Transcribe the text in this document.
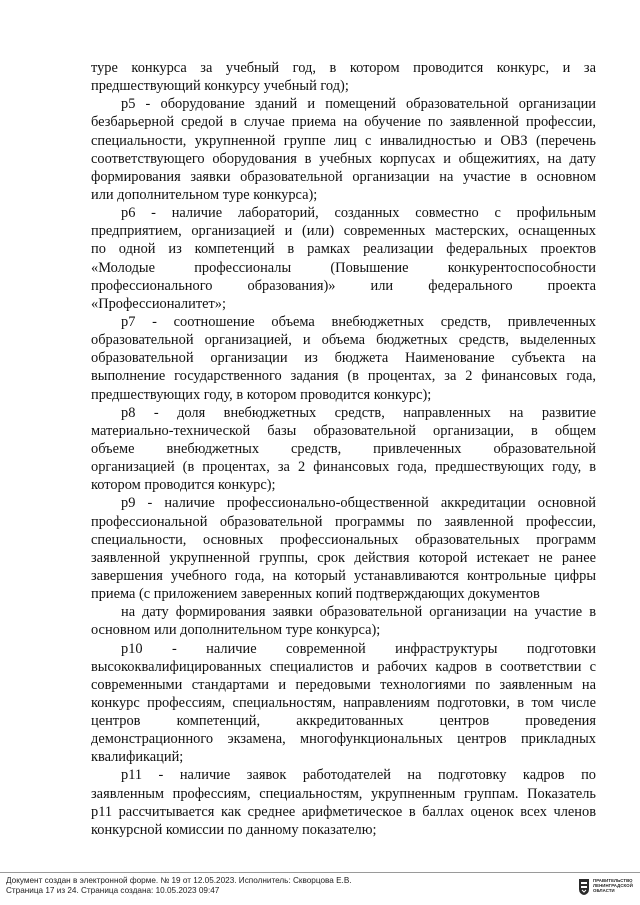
туре конкурса за учебный год, в котором проводится конкурс, и за
предшествующий конкурсу учебный год);
р5 - оборудование зданий и помещений образовательной организации
безбарьерной средой в случае приема на обучение по заявленной профессии,
специальности, укрупненной группе лиц с инвалидностью и ОВЗ (перечень
соответствующего оборудования в учебных корпусах и общежитиях, на дату
формирования заявки образовательной организации на участие в основном
или дополнительном туре конкурса);
р6 - наличие лабораторий, созданных совместно с профильным
предприятием, организацией и (или) современных мастерских, оснащенных
по одной из компетенций в рамках реализации федеральных проектов
«Молодые профессионалы (Повышение конкурентоспособности
профессионального образования)» или федерального проекта
«Профессионалитет»;
р7 - соотношение объема внебюджетных средств, привлеченных
образовательной организацией, и объема бюджетных средств, выделенных
образовательной организации из бюджета Наименование субъекта на
выполнение государственного задания (в процентах, за 2 финансовых года,
предшествующих году, в котором проводится конкурс);
р8 - доля внебюджетных средств, направленных на развитие
материально-технической базы образовательной организации, в общем
объеме внебюджетных средств, привлеченных образовательной
организацией (в процентах, за 2 финансовых года, предшествующих году, в
котором проводится конкурс);
р9 - наличие профессионально-общественной аккредитации основной
профессиональной образовательной программы по заявленной профессии,
специальности, основных профессиональных образовательных программ
заявленной укрупненной группы, срок действия которой истекает не ранее
завершения учебного года, на который устанавливаются контрольные цифры
приема (с приложением заверенных копий подтверждающих документов
на дату формирования заявки образовательной организации на участие в
основном или дополнительном туре конкурса);
р10 - наличие современной инфраструктуры подготовки
высококвалифицированных специалистов и рабочих кадров в соответствии с
современными стандартами и передовыми технологиями по заявленным на
конкурс профессиям, специальностям, направлениям подготовки, в том числе
центров компетенций, аккредитованных центров проведения
демонстрационного экзамена, многофункциональных центров прикладных
квалификаций;
р11 - наличие заявок работодателей на подготовку кадров по
заявленным профессиям, специальностям, укрупненным группам. Показатель
р11 рассчитывается как среднее арифметическое в баллах оценок всех членов
конкурсной комиссии по данному показателю;
Документ создан в электронной форме. № 19 от 12.05.2023. Исполнитель: Скворцова Е.В.
Страница 17 из 24. Страница создана: 10.05.2023 09:47
ПРАВИТЕЛЬСТВО
ЛЕНИНГРАДСКОЙ
ОБЛАСТИ
